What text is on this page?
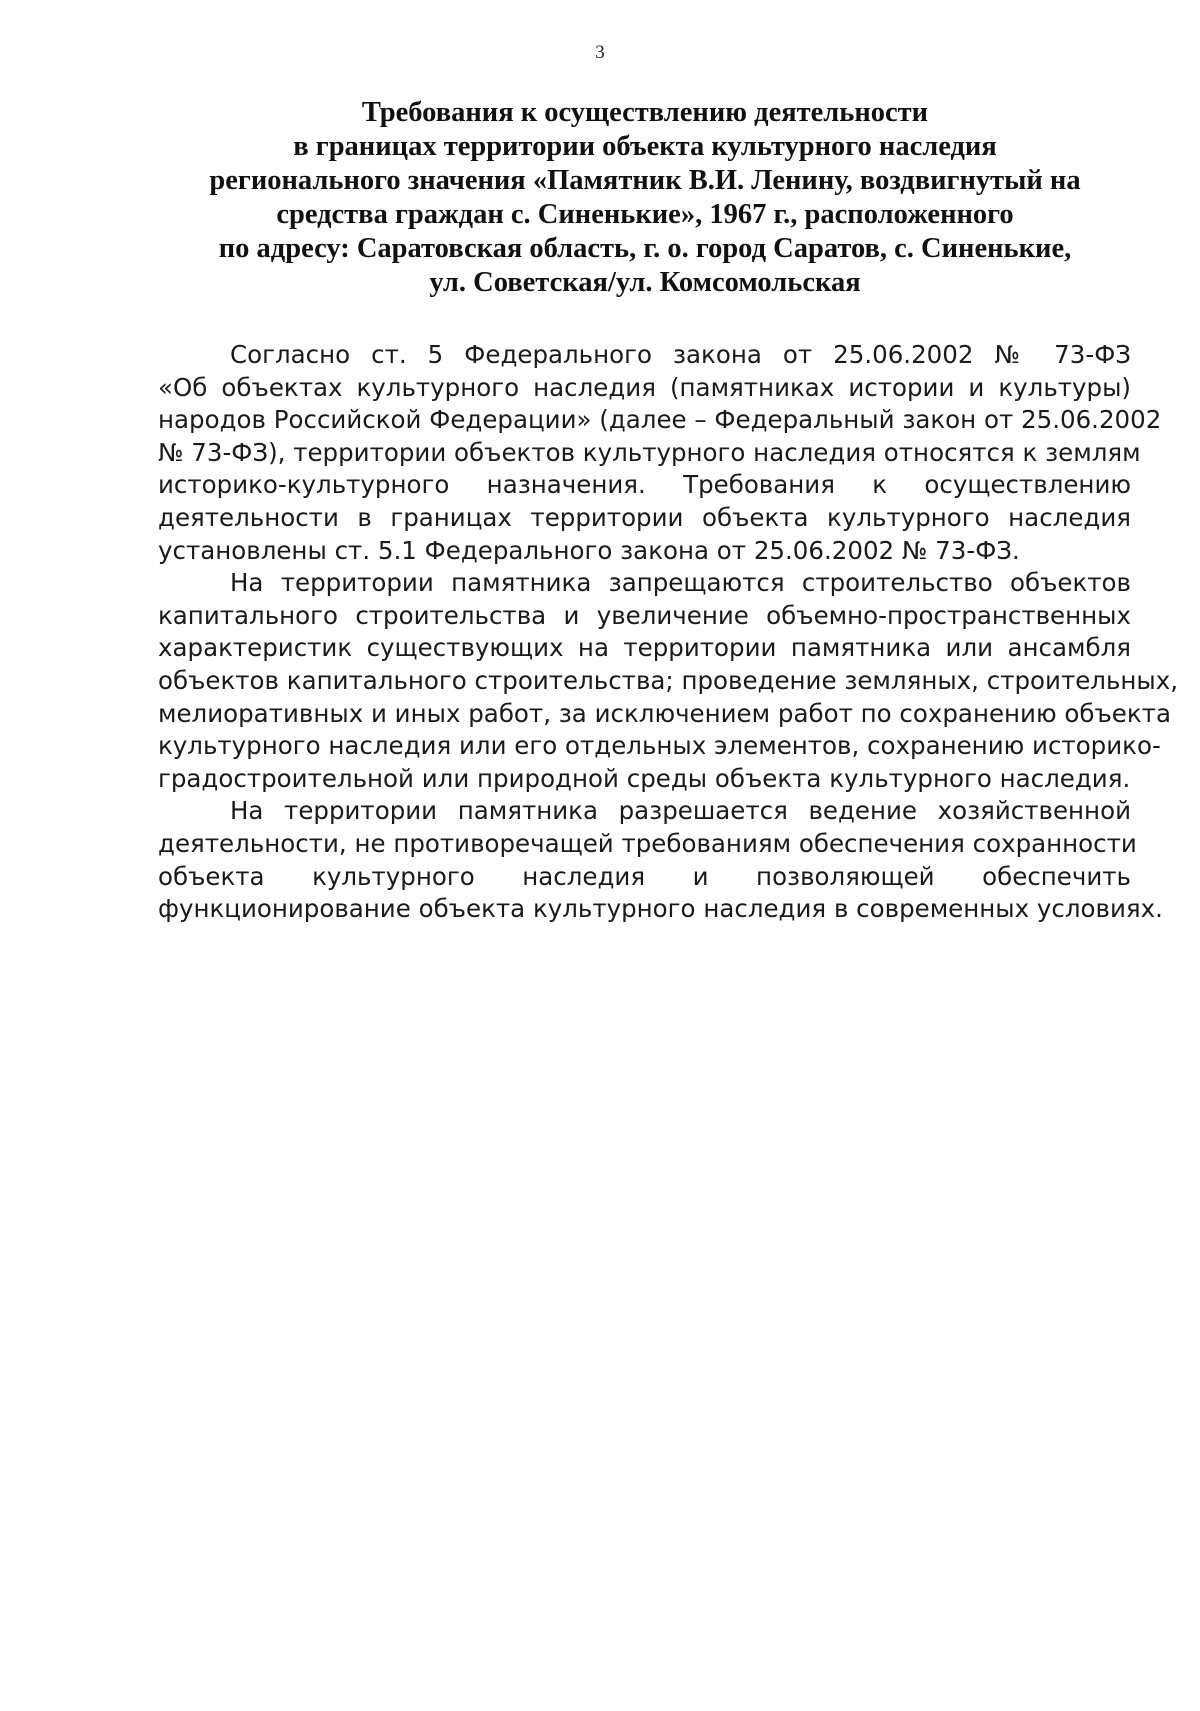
3
Требования к осуществлению деятельности
в границах территории объекта культурного наследия
регионального значения «Памятник В.И. Ленину, воздвигнутый на
средства граждан с. Синенькие», 1967 г., расположенного
по адресу: Саратовская область, г. о. город Саратов, с. Синенькие,
ул. Советская/ул. Комсомольская
Согласно ст. 5 Федерального закона от 25.06.2002 № 73-ФЗ
«Об объектах культурного наследия (памятниках истории и культуры)
народов Российской Федерации» (далее – Федеральный закон от 25.06.2002
№ 73-ФЗ), территории объектов культурного наследия относятся к землям
историко-культурного назначения. Требования к осуществлению
деятельности в границах территории объекта культурного наследия
установлены ст. 5.1 Федерального закона от 25.06.2002 № 73-ФЗ.
На территории памятника запрещаются строительство объектов
капитального строительства и увеличение объемно-пространственных
характеристик существующих на территории памятника или ансамбля
объектов капитального строительства; проведение земляных, строительных,
мелиоративных и иных работ, за исключением работ по сохранению объекта
культурного наследия или его отдельных элементов, сохранению историко-
градостроительной или природной среды объекта культурного наследия.
На территории памятника разрешается ведение хозяйственной
деятельности, не противоречащей требованиям обеспечения сохранности
объекта культурного наследия и позволяющей обеспечить
функционирование объекта культурного наследия в современных условиях.
